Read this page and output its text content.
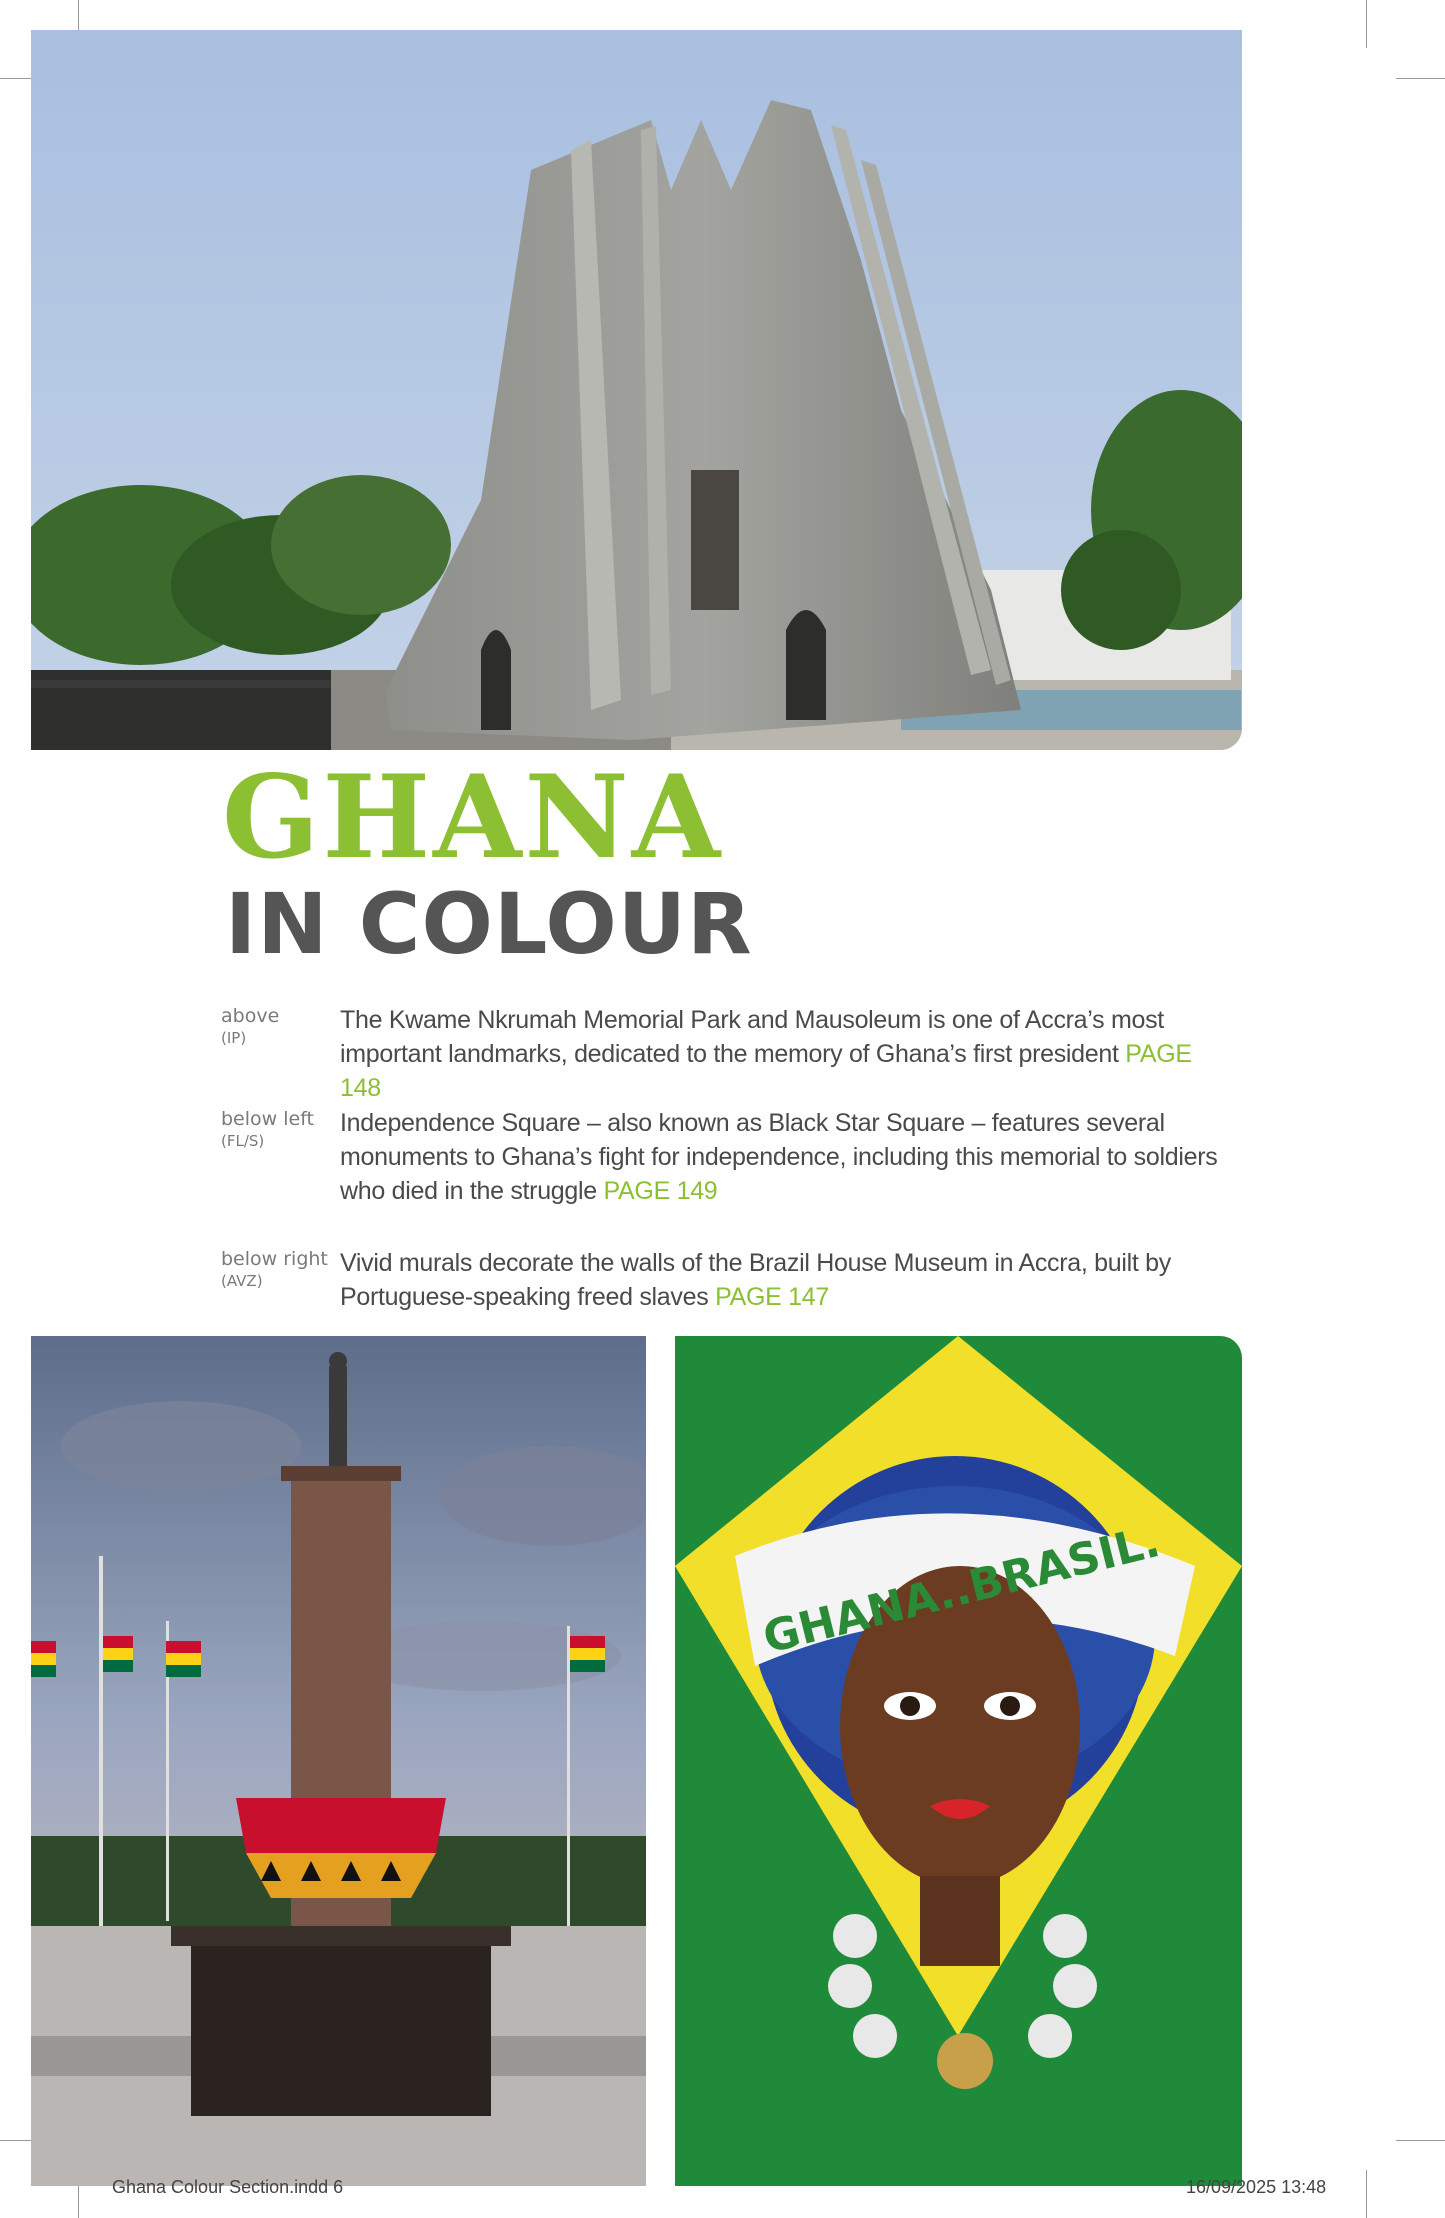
GHANA
IN COLOUR
above
(IP)
The Kwame Nkrumah Memorial Park and Mausoleum is one of Accra’s most important landmarks, dedicated to the memory of Ghana’s first president PAGE 148
below left
(FL/S)
Independence Square – also known as Black Star Square – features several monuments to Ghana’s fight for independence, including this memorial to soldiers who died in the struggle PAGE 149
below right
(AVZ)
Vivid murals decorate the walls of the Brazil House Museum in Accra, built by Portuguese-speaking freed slaves PAGE 147
GHANA..BRASIL.
Ghana Colour Section.indd 6	16/09/2025 13:48
